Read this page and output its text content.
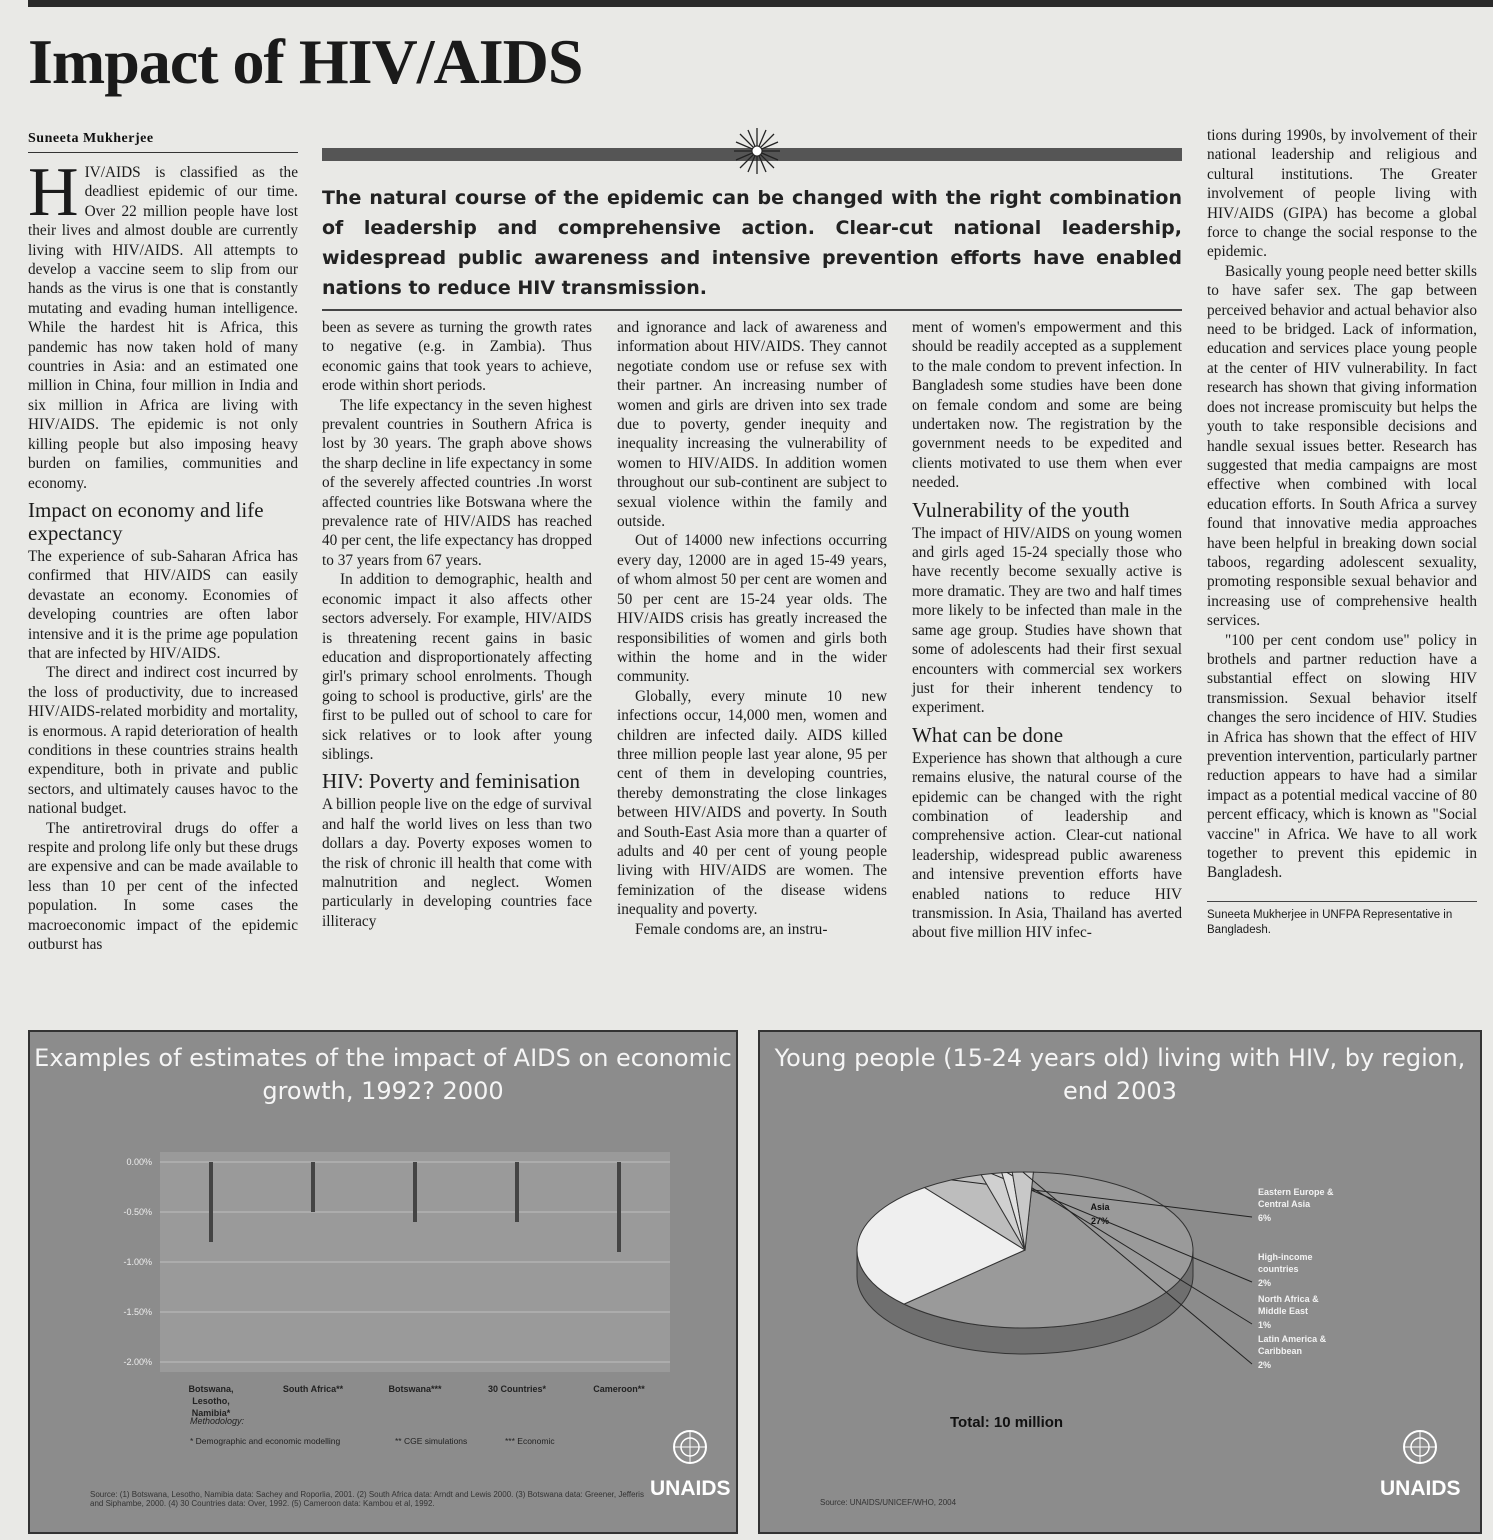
Impact of HIV/AIDS
Suneeta Mukherjee

The natural course of the epidemic can be changed with the right combination of leadership and comprehensive action. Clear-cut national leadership, widespread public awareness and intensive prevention efforts have enabled nations to reduce HIV transmission.

HIV/AIDS is classified as the deadliest epidemic of our time. Over 22 million people have lost their lives and almost double are currently living with HIV/AIDS. All attempts to develop a vaccine seem to slip from our hands as the virus is one that is constantly mutating and evading human intelligence. While the hardest hit is Africa, this pandemic has now taken hold of many countries in Asia: and an estimated one million in China, four million in India and six million in Africa are living with HIV/AIDS. The epidemic is not only killing people but also imposing heavy burden on families, communities and economy.

Impact on economy and life expectancy

The experience of sub-Saharan Africa has confirmed that HIV/AIDS can easily devastate an economy. Economies of developing countries are often labor intensive and it is the prime age population that are infected by HIV/AIDS.

The direct and indirect cost incurred by the loss of productivity, due to increased HIV/AIDS-related morbidity and mortality, is enormous. A rapid deterioration of health conditions in these countries strains health expenditure, both in private and public sectors, and ultimately causes havoc to the national budget.

The antiretroviral drugs do offer a respite and prolong life only but these drugs are expensive and can be made available to less than 10 per cent of the infected population. In some cases the macroeconomic impact of the epidemic outburst has

been as severe as turning the growth rates to negative (e.g. in Zambia). Thus economic gains that took years to achieve, erode within short periods.

The life expectancy in the seven highest prevalent countries in Southern Africa is lost by 30 years. The graph above shows the sharp decline in life expectancy in some of the severely affected countries .In worst affected countries like Botswana where the prevalence rate of HIV/AIDS has reached 40 per cent, the life expectancy has dropped to 37 years from 67 years.

In addition to demographic, health and economic impact it also affects other sectors adversely. For example, HIV/AIDS is threatening recent gains in basic education and disproportionately affecting girl's primary school enrolments. Though going to school is productive, girls' are the first to be pulled out of school to care for sick relatives or to look after young siblings.

HIV: Poverty and feminisation

A billion people live on the edge of survival and half the world lives on less than two dollars a day. Poverty exposes women to the risk of chronic ill health that come with malnutrition and neglect. Women particularly in developing countries face illiteracy

and ignorance and lack of awareness and information about HIV/AIDS. They cannot negotiate condom use or refuse sex with their partner. An increasing number of women and girls are driven into sex trade due to poverty, gender inequity and inequality increasing the vulnerability of women to HIV/AIDS. In addition women throughout our sub-continent are subject to sexual violence within the family and outside.

Out of 14000 new infections occurring every day, 12000 are in aged 15-49 years, of whom almost 50 per cent are women and 50 per cent are 15-24 year olds. The HIV/AIDS crisis has greatly increased the responsibilities of women and girls both within the home and in the wider community.

Globally, every minute 10 new infections occur, 14,000 men, women and children are infected daily. AIDS killed three million people last year alone, 95 per cent of them in developing countries, thereby demonstrating the close linkages between HIV/AIDS and poverty. In South and South-East Asia more than a quarter of adults and 40 per cent of young people living with HIV/AIDS are women. The feminization of the disease widens inequality and poverty.

Female condoms are, an instru-

ment of women's empowerment and this should be readily accepted as a supplement to the male condom to prevent infection. In Bangladesh some studies have been done on female condom and some are being undertaken now. The registration by the government needs to be expedited and clients motivated to use them when ever needed.

Vulnerability of the youth

The impact of HIV/AIDS on young women and girls aged 15-24 specially those who have recently become sexually active is more dramatic. They are two and half times more likely to be infected than male in the same age group. Studies have shown that some of adolescents had their first sexual encounters with commercial sex workers just for their inherent tendency to experiment.

What can be done

Experience has shown that although a cure remains elusive, the natural course of the epidemic can be changed with the right combination of leadership and comprehensive action. Clear-cut national leadership, widespread public awareness and intensive prevention efforts have enabled nations to reduce HIV transmission. In Asia, Thailand has averted about five million HIV infec-

tions during 1990s, by involvement of their national leadership and religious and cultural institutions. The Greater involvement of people living with HIV/AIDS (GIPA) has become a global force to change the social response to the epidemic.

Basically young people need better skills to have safer sex. The gap between perceived behavior and actual behavior also need to be bridged. Lack of information, education and services place young people at the center of HIV vulnerability. In fact research has shown that giving information does not increase promiscuity but helps the youth to take responsible decisions and handle sexual issues better. Research has suggested that media campaigns are most effective when combined with local education efforts. In South Africa a survey found that innovative media approaches have been helpful in breaking down social taboos, regarding adolescent sexuality, promoting responsible sexual behavior and increasing use of comprehensive health services.

"100 per cent condom use" policy in brothels and partner reduction have a substantial effect on slowing HIV transmission. Sexual behavior itself changes the sero incidence of HIV. Studies in Africa has shown that the effect of HIV prevention intervention, particularly partner reduction appears to have had a similar impact as a potential medical vaccine of 80 percent efficacy, which is known as "Social vaccine" in Africa. We have to all work together to prevent this epidemic in Bangladesh.

Suneeta Mukherjee in UNFPA Representative in Bangladesh.

Examples of estimates of the impact of AIDS on economic growth, 1992? 2000
0.00%
-0.50%
-1.00%
-1.50%
-2.00%
Botswana, Lesotho, Namibia*
South Africa**	Botswana***	30 Countries*	Cameroon**
Methodology:
* Demographic and economic modelling	** CGE simulations	*** Economic
Source: (1) Botswana, Lesotho, Namibia data: Sachey and Roporlia, 2001. (2) South Africa data: Arndt and Lewis 2000. (3) Botswana data: Greener, Jefferis and Siphambe, 2000. (4) 30 Countries data: Over, 1992. (5) Cameroon data: Kambou et al, 1992.
UNAIDS
Young people (15-24 years old) living with HIV, by region, end 2003
Asia
27%
Eastern Europe &
Central Asia
6%
High-income
countries
2%
North Africa &
Middle East
1%
Latin America &
Caribbean
2%
Total: 10 million
Source: UNAIDS/UNICEF/WHO, 2004
UNAIDS
